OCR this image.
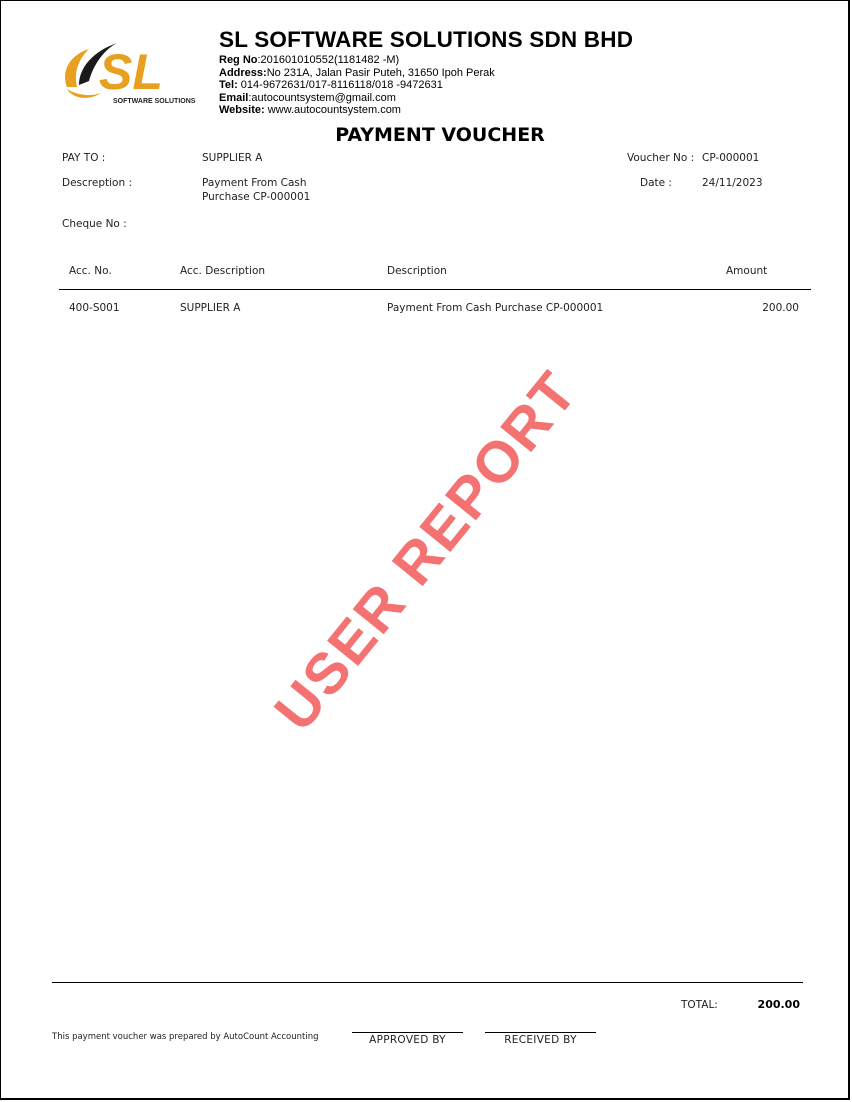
SL
SOFTWARE SOLUTIONS
SL SOFTWARE SOLUTIONS SDN BHD
Reg No:201601010552(1181482 -M)
Address:No 231A, Jalan Pasir Puteh, 31650 Ipoh Perak
Tel: 014-9672631/017-8116118/018 -9472631
Email:autocountsystem@gmail.com
Website: www.autocountsystem.com
PAYMENT VOUCHER
PAY TO :	SUPPLIER A
Descreption :	Payment From Cash
Purchase CP-000001
Cheque No :
Voucher No : CP-000001
Date :	24/11/2023
Acc. No.	Acc. Description	Description	Amount
400-S001	SUPPLIER A	Payment From Cash Purchase CP-000001	200.00
USER REPORT
TOTAL:	200.00
This payment voucher was prepared by AutoCount Accounting	APPROVED BY	RECEIVED BY
